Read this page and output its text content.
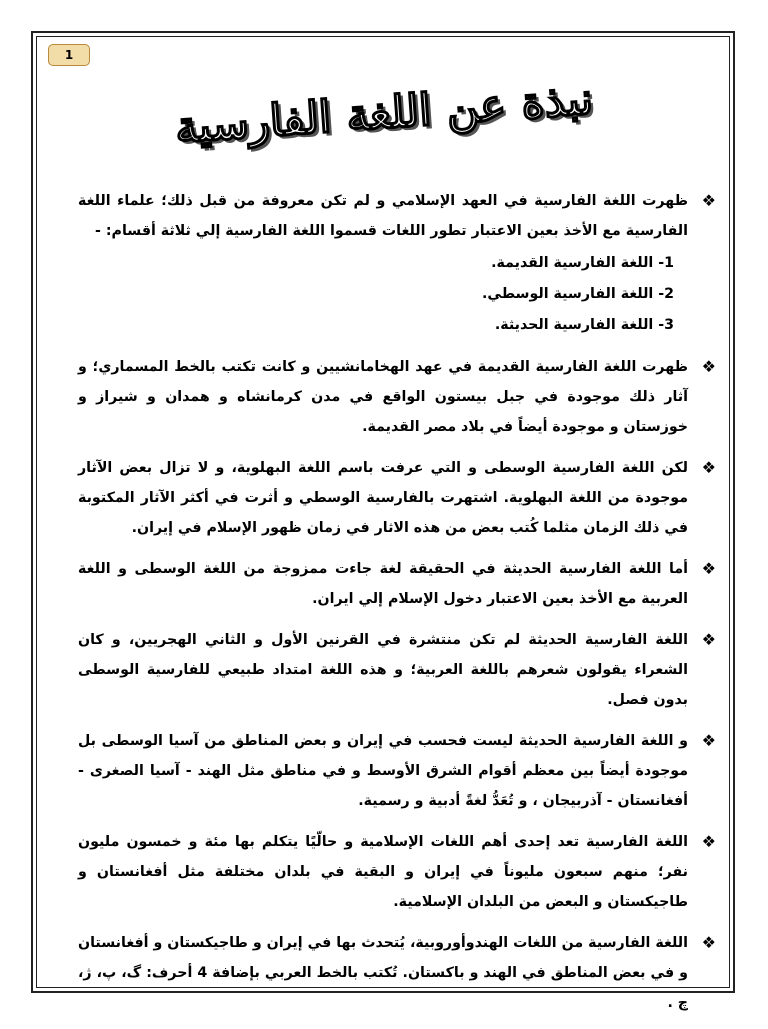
1
نبذة عن اللغة الفارسية
❖
ظهرت اللغة الفارسية في العهد الإسلامي و لم تكن معروفة من قبل ذلك؛ علماء اللغة الفارسية مع الأخذ بعين الاعتبار تطور اللغات قسموا اللغة الفارسية إلي ثلاثة أقسام: -
1- اللغة الفارسية القديمة.
2- اللغة الفارسية الوسطي.
3- اللغة الفارسية الحديثة.
❖
ظهرت اللغة الفارسية القديمة في عهد الهخامانشيين و كانت تكتب بالخط المسماري؛ و آثار ذلك موجودة في جبل بيستون الواقع في مدن كرمانشاه و همدان و شيراز و خوزستان و موجودة أيضاً في بلاد مصر القديمة.
❖
لكن اللغة الفارسية الوسطى و التي عرفت باسم اللغة البهلوية، و لا تزال بعض الآثار موجودة من اللغة البهلوية. اشتهرت بالفارسية الوسطي و أثرت في أكثر الآثار المكتوبة في ذلك الزمان مثلما كُتب بعض من هذه الاثار في زمان ظهور الإسلام في إيران.
❖
أما اللغة الفارسية الحديثة في الحقيقة لغة جاءت ممزوجة من اللغة الوسطى و اللغة العربية مع الأخذ بعين الاعتبار دخول الإسلام إلي ايران.
❖
اللغة الفارسية الحديثة لم تكن منتشرة في القرنين الأول و الثاني الهجريين، و كان الشعراء يقولون شعرهم باللغة العربية؛ و هذه اللغة امتداد طبيعي للفارسية الوسطى بدون فصل.
❖
و اللغة الفارسية الحديثة ليست فحسب في إيران و بعض المناطق من آسيا الوسطى بل موجودة أيضاً بين معظم أقوام الشرق الأوسط و في مناطق مثل الهند - آسيا الصغرى - أفغانستان - آذربيجان ، و تُعَدُّ لغةً أدبية و رسمية.
❖
اللغة الفارسية تعد إحدى أهم اللغات الإسلامية و حالّيًا يتكلم بها مئة و خمسون مليون نفر؛ منهم سبعون مليوناً في إيران و البقية في بلدان مختلفة مثل أفغانستان و طاجيكستان و البعض من البلدان الإسلامية.
❖
اللغة الفارسية من اللغات الهندوأوروبية، يُتحدث بها في إيران و طاجيكستان و أفغانستان و في بعض المناطق في الهند و باكستان. تُكتب بالخط العربي بإضافة 4 أحرف: گ، پ، ژ، چ .
